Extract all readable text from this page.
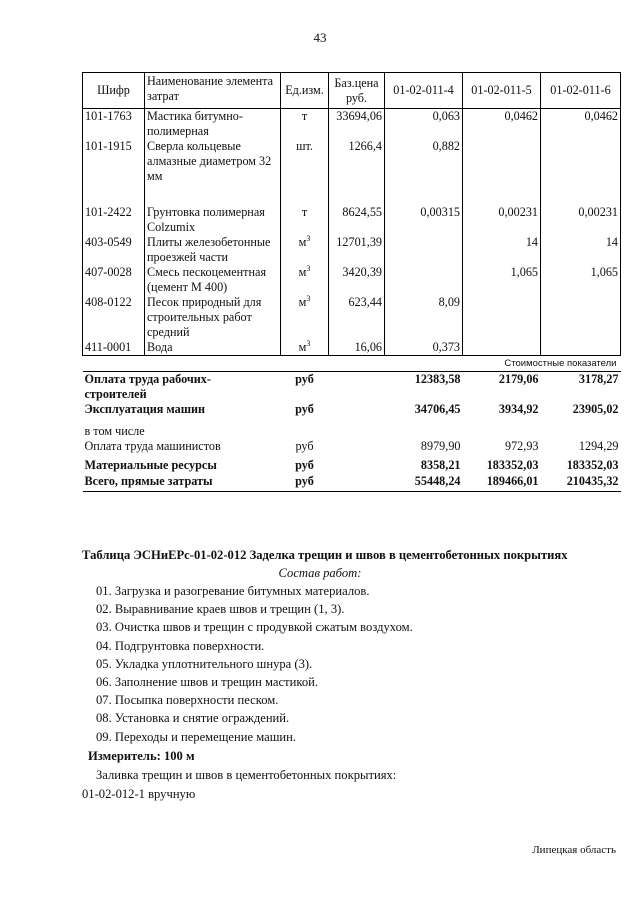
43
Шифр	Наименование элемента затрат	Ед.изм.	Баз.цена руб.	01-02-011-4	01-02-011-5	01-02-011-6
101-1763	Мастика битумно-полимерная	т	33694,06	0,063	0,0462	0,0462
101-1915	Сверла кольцевые алмазные диаметром 32 мм	шт.	1266,4	0,882		
101-2422	Грунтовка полимерная Colzumix	т	8624,55	0,00315	0,00231	0,00231
403-0549	Плиты железобетонные проезжей части	$м^3$	12701,39		14	14
407-0028	Смесь пескоцементная (цемент М 400)	$м^3$	3420,39		1,065	1,065
408-0122	Песок природный для строительных работ средний	$м^3$	623,44	8,09		
411-0001	Вода	$м^3$	16,06	0,373		
Стоимостные показатели						
Оплата труда рабочих-строителей		руб		12383,58	2179,06	3178,27
Эксплуатация машин		руб		34706,45	3934,92	23905,02
в том числе						
Оплата труда машинистов		руб		8979,90	972,93	1294,29
Материальные ресурсы		руб		8358,21	183352,03	183352,03
Всего, прямые затраты		руб		55448,24	189466,01	210435,32
Таблица ЭСНиЕРс-01-02-012 Заделка трещин и швов в цементобетонных покрытиях
Состав работ:
01. Загрузка и разогревание битумных материалов.
02. Выравнивание краев швов и трещин (1, 3).
03. Очистка швов и трещин с продувкой сжатым воздухом.
04. Подгрунтовка поверхности.
05. Укладка уплотнительного шнура (3).
06. Заполнение швов и трещин мастикой.
07. Посыпка поверхности песком.
08. Установка и снятие ограждений.
09. Переходы и перемещение машин.
Измеритель: 100 м
Заливка трещин и швов в цементобетонных покрытиях:
01-02-012-1 вручную
Липецкая область
